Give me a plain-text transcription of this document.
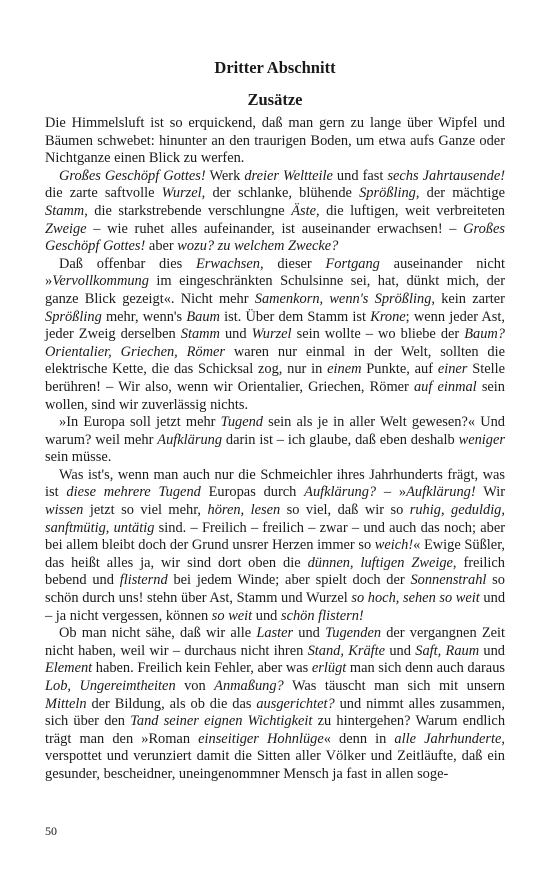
Dritter Abschnitt
Zusätze

Die Himmelsluft ist so erquickend, daß man gern zu lange über Wipfel und Bäumen schwebet: hinunter an den traurigen Boden, um etwa aufs Ganze oder Nichtganze einen Blick zu werfen.

Großes Geschöpf Gottes! Werk dreier Weltteile und fast sechs Jahrtausende! die zarte saftvolle Wurzel, der schlanke, blühende Sprößling, der mächtige Stamm, die starkstrebende verschlungne Äste, die luftigen, weit verbreiteten Zweige – wie ruhet alles aufeinander, ist auseinander erwachsen! – Großes Geschöpf Gottes! aber wozu? zu welchem Zwecke?

Daß offenbar dies Erwachsen, dieser Fortgang auseinander nicht »Vervollkommung im eingeschränkten Schulsinne sei, hat, dünkt mich, der ganze Blick gezeigt«. Nicht mehr Samenkorn, wenn's Sprößling, kein zarter Sprößling mehr, wenn's Baum ist. Über dem Stamm ist Krone; wenn jeder Ast, jeder Zweig derselben Stamm und Wurzel sein wollte – wo bliebe der Baum? Orientalier, Griechen, Römer waren nur einmal in der Welt, sollten die elektrische Kette, die das Schicksal zog, nur in einem Punkte, auf einer Stelle berühren! – Wir also, wenn wir Orientalier, Griechen, Römer auf einmal sein wollen, sind wir zuverlässig nichts.

»In Europa soll jetzt mehr Tugend sein als je in aller Welt gewesen?« Und warum? weil mehr Aufklärung darin ist – ich glaube, daß eben deshalb weniger sein müsse.

Was ist's, wenn man auch nur die Schmeichler ihres Jahrhunderts frägt, was ist diese mehrere Tugend Europas durch Aufklärung? – »Aufklärung! Wir wissen jetzt so viel mehr, hören, lesen so viel, daß wir so ruhig, geduldig, sanftmütig, untätig sind. – Freilich – freilich – zwar – und auch das noch; aber bei allem bleibt doch der Grund unsrer Herzen immer so weich!« Ewige Süßler, das heißt alles ja, wir sind dort oben die dünnen, luftigen Zweige, freilich bebend und flisternd bei jedem Winde; aber spielt doch der Sonnenstrahl so schön durch uns! stehn über Ast, Stamm und Wurzel so hoch, sehen so weit und – ja nicht vergessen, können so weit und schön flistern!

Ob man nicht sähe, daß wir alle Laster und Tugenden der vergangnen Zeit nicht haben, weil wir – durchaus nicht ihren Stand, Kräfte und Saft, Raum und Element haben. Freilich kein Fehler, aber was erlügt man sich denn auch daraus Lob, Ungereimtheiten von Anmaßung? Was täuscht man sich mit unsern Mitteln der Bildung, als ob die das ausgerichtet? und nimmt alles zusammen, sich über den Tand seiner eignen Wichtigkeit zu hintergehen? Warum endlich trägt man den »Roman einseitiger Hohnlüge« denn in alle Jahrhunderte, verspottet und verunziert damit die Sitten aller Völker und Zeitläufte, daß ein gesunder, bescheidner, uneingenommner Mensch ja fast in allen soge-

50
